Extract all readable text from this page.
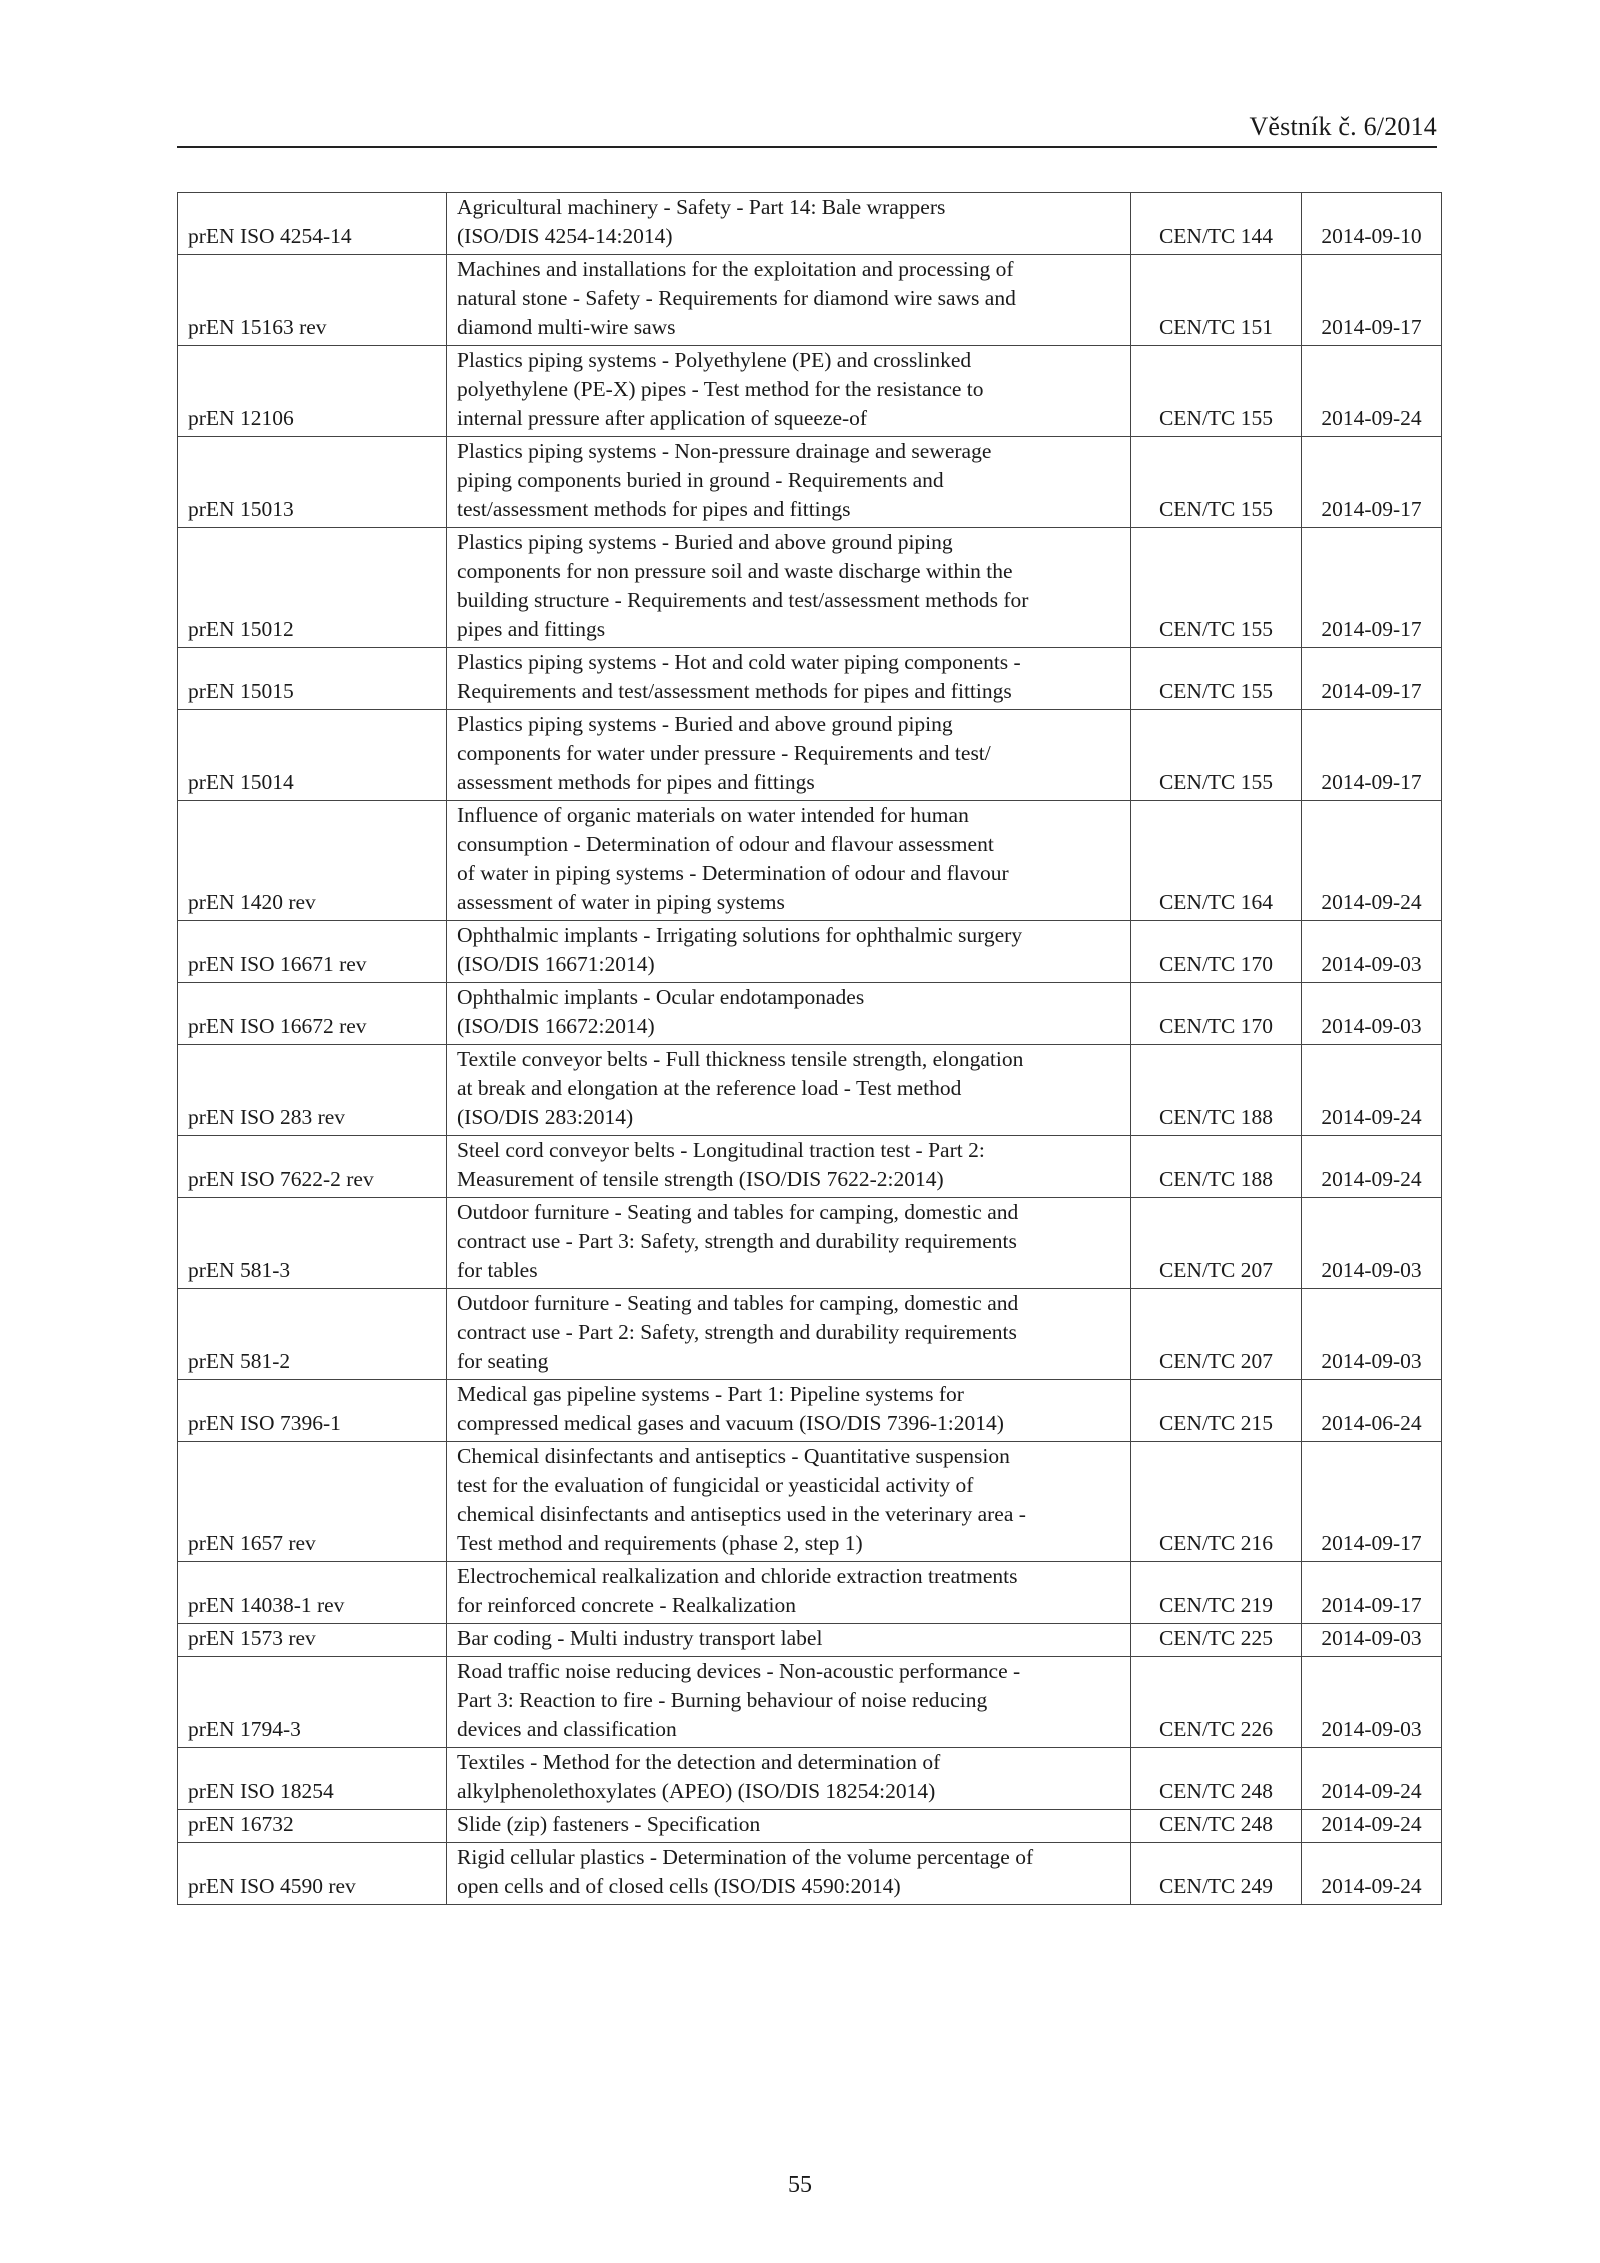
Věstník č. 6/2014
prEN ISO 4254-14	Agricultural machinery - Safety - Part 14: Bale wrappers
(ISO/DIS 4254-14:2014)	CEN/TC 144	2014-09-10
prEN 15163 rev	Machines and installations for the exploitation and processing of
natural stone - Safety - Requirements for diamond wire saws and
diamond multi-wire saws	CEN/TC 151	2014-09-17
prEN 12106	Plastics piping systems - Polyethylene (PE) and crosslinked
polyethylene (PE-X) pipes - Test method for the resistance to
internal pressure after application of squeeze-of	CEN/TC 155	2014-09-24
prEN 15013	Plastics piping systems - Non-pressure drainage and sewerage
piping components buried in ground - Requirements and
test/assessment methods for pipes and fittings	CEN/TC 155	2014-09-17
prEN 15012	Plastics piping systems - Buried and above ground piping
components for non pressure soil and waste discharge within the
building structure - Requirements and test/assessment methods for
pipes and fittings	CEN/TC 155	2014-09-17
prEN 15015	Plastics piping systems - Hot and cold water piping components -
Requirements and test/assessment methods for pipes and fittings	CEN/TC 155	2014-09-17
prEN 15014	Plastics piping systems - Buried and above ground piping
components for water under pressure - Requirements and test/
assessment methods for pipes and fittings	CEN/TC 155	2014-09-17
prEN 1420 rev	Influence of organic materials on water intended for human
consumption - Determination of odour and flavour assessment
of water in piping systems - Determination of odour and flavour
assessment of water in piping systems	CEN/TC 164	2014-09-24
prEN ISO 16671 rev	Ophthalmic implants - Irrigating solutions for ophthalmic surgery
(ISO/DIS 16671:2014)	CEN/TC 170	2014-09-03
prEN ISO 16672 rev	Ophthalmic implants - Ocular endotamponades
(ISO/DIS 16672:2014)	CEN/TC 170	2014-09-03
prEN ISO 283 rev	Textile conveyor belts - Full thickness tensile strength, elongation
at break and elongation at the reference load - Test method
(ISO/DIS 283:2014)	CEN/TC 188	2014-09-24
prEN ISO 7622-2 rev	Steel cord conveyor belts - Longitudinal traction test - Part 2:
Measurement of tensile strength (ISO/DIS 7622-2:2014)	CEN/TC 188	2014-09-24
prEN 581-3	Outdoor furniture - Seating and tables for camping, domestic and
contract use - Part 3: Safety, strength and durability requirements
for tables	CEN/TC 207	2014-09-03
prEN 581-2	Outdoor furniture - Seating and tables for camping, domestic and
contract use - Part 2: Safety, strength and durability requirements
for seating	CEN/TC 207	2014-09-03
prEN ISO 7396-1	Medical gas pipeline systems - Part 1: Pipeline systems for
compressed medical gases and vacuum (ISO/DIS 7396-1:2014)	CEN/TC 215	2014-06-24
prEN 1657 rev	Chemical disinfectants and antiseptics - Quantitative suspension
test for the evaluation of fungicidal or yeasticidal activity of
chemical disinfectants and antiseptics used in the veterinary area -
Test method and requirements (phase 2, step 1)	CEN/TC 216	2014-09-17
prEN 14038-1 rev	Electrochemical realkalization and chloride extraction treatments
for reinforced concrete - Realkalization	CEN/TC 219	2014-09-17
prEN 1573 rev	Bar coding - Multi industry transport label	CEN/TC 225	2014-09-03
prEN 1794-3	Road traffic noise reducing devices - Non-acoustic performance -
Part 3: Reaction to fire - Burning behaviour of noise reducing
devices and classification	CEN/TC 226	2014-09-03
prEN ISO 18254	Textiles - Method for the detection and determination of
alkylphenolethoxylates (APEO) (ISO/DIS 18254:2014)	CEN/TC 248	2014-09-24
prEN 16732	Slide (zip) fasteners - Specification	CEN/TC 248	2014-09-24
prEN ISO 4590 rev	Rigid cellular plastics - Determination of the volume percentage of
open cells and of closed cells (ISO/DIS 4590:2014)	CEN/TC 249	2014-09-24
55
